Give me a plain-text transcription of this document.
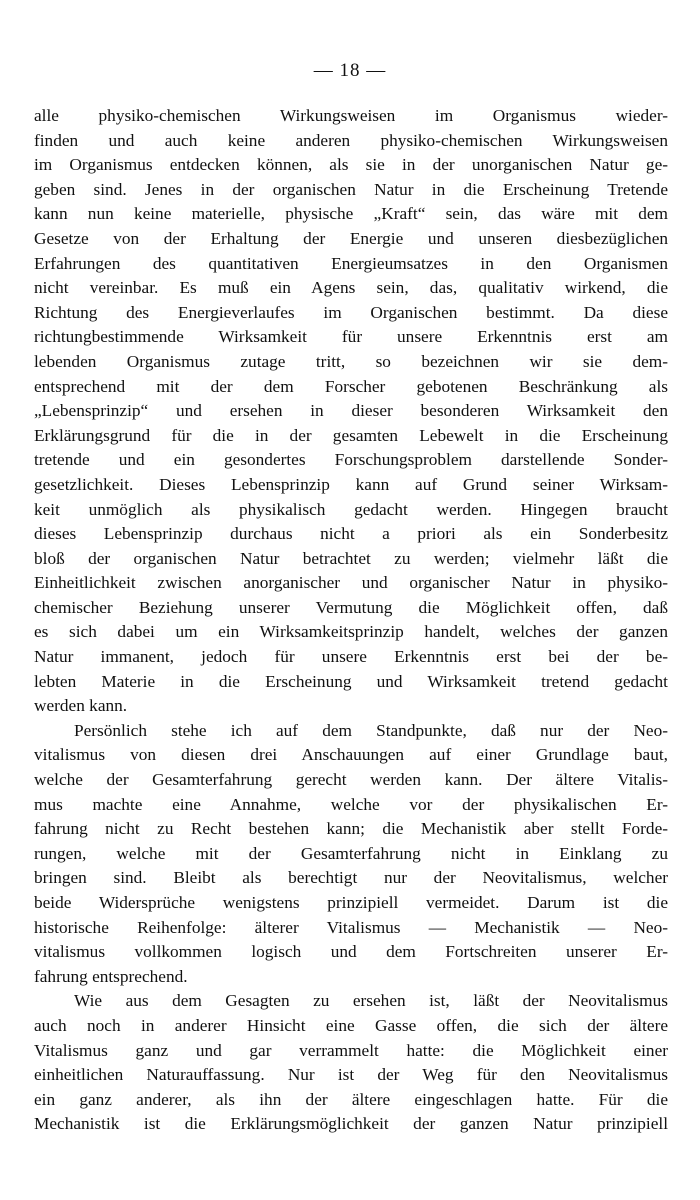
— 18 —
alle physiko-chemischen Wirkungsweisen im Organismus wieder-
finden und auch keine anderen physiko-chemischen Wirkungsweisen
im Organismus entdecken können, als sie in der unorganischen Natur ge-
geben sind. Jenes in der organischen Natur in die Erscheinung Tretende
kann nun keine materielle, physische „Kraft“ sein, das wäre mit dem
Gesetze von der Erhaltung der Energie und unseren diesbezüglichen
Erfahrungen des quantitativen Energieumsatzes in den Organismen
nicht vereinbar. Es muß ein Agens sein, das, qualitativ wirkend, die
Richtung des Energieverlaufes im Organischen bestimmt. Da diese
richtungbestimmende Wirksamkeit für unsere Erkenntnis erst am
lebenden Organismus zutage tritt, so bezeichnen wir sie dem-
entsprechend mit der dem Forscher gebotenen Beschränkung als
„Lebensprinzip“ und ersehen in dieser besonderen Wirksamkeit den
Erklärungsgrund für die in der gesamten Lebewelt in die Erscheinung
tretende und ein gesondertes Forschungsproblem darstellende Sonder-
gesetzlichkeit. Dieses Lebensprinzip kann auf Grund seiner Wirksam-
keit unmöglich als physikalisch gedacht werden. Hingegen braucht
dieses Lebensprinzip durchaus nicht a priori als ein Sonderbesitz
bloß der organischen Natur betrachtet zu werden; vielmehr läßt die
Einheitlichkeit zwischen anorganischer und organischer Natur in physiko-
chemischer Beziehung unserer Vermutung die Möglichkeit offen, daß
es sich dabei um ein Wirksamkeitsprinzip handelt, welches der ganzen
Natur immanent, jedoch für unsere Erkenntnis erst bei der be-
lebten Materie in die Erscheinung und Wirksamkeit tretend gedacht
werden kann.
Persönlich stehe ich auf dem Standpunkte, daß nur der Neo-
vitalismus von diesen drei Anschauungen auf einer Grundlage baut,
welche der Gesamterfahrung gerecht werden kann. Der ältere Vitalis-
mus machte eine Annahme, welche vor der physikalischen Er-
fahrung nicht zu Recht bestehen kann; die Mechanistik aber stellt Forde-
rungen, welche mit der Gesamterfahrung nicht in Einklang zu
bringen sind. Bleibt als berechtigt nur der Neovitalismus, welcher
beide Widersprüche wenigstens prinzipiell vermeidet. Darum ist die
historische Reihenfolge: älterer Vitalismus — Mechanistik — Neo-
vitalismus vollkommen logisch und dem Fortschreiten unserer Er-
fahrung entsprechend.
Wie aus dem Gesagten zu ersehen ist, läßt der Neovitalismus
auch noch in anderer Hinsicht eine Gasse offen, die sich der ältere
Vitalismus ganz und gar verrammelt hatte: die Möglichkeit einer
einheitlichen Naturauffassung. Nur ist der Weg für den Neovitalismus
ein ganz anderer, als ihn der ältere eingeschlagen hatte. Für die
Mechanistik ist die Erklärungsmöglichkeit der ganzen Natur prinzipiell
